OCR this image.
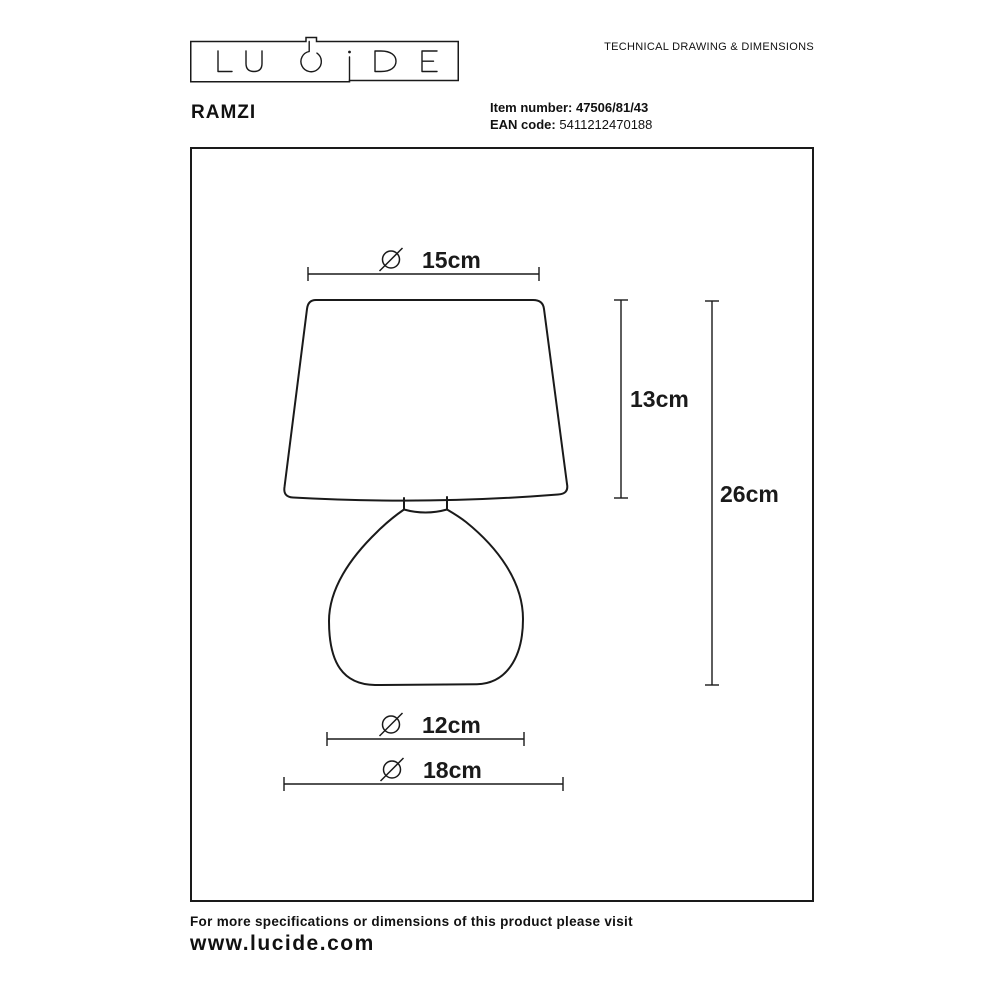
TECHNICAL DRAWING & DIMENSIONS
RAMZI	Item number: 47506/81/43
EAN code: 5411212470188
15cm
13cm
26cm
12cm
18cm
For more specifications or dimensions of this product please visit
www.lucide.com
